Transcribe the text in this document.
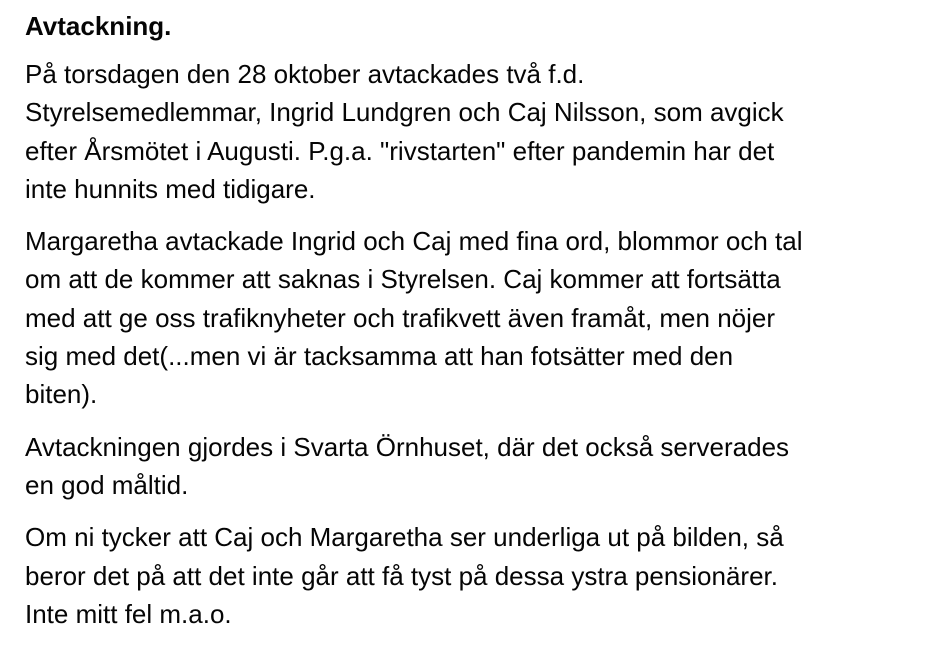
Avtackning.
På torsdagen den 28 oktober avtackades två f.d.
Styrelsemedlemmar, Ingrid Lundgren och Caj Nilsson, som avgick
efter Årsmötet i Augusti. P.g.a. "rivstarten" efter pandemin har det
inte hunnits med tidigare.
Margaretha avtackade Ingrid och Caj med fina ord, blommor och tal
om att de kommer att saknas i Styrelsen. Caj kommer att fortsätta
med att ge oss trafiknyheter och trafikvett även framåt, men nöjer
sig med det(...men vi är tacksamma att han fotsätter med den
biten).
Avtackningen gjordes i Svarta Örnhuset, där det också serverades
en god måltid.
Om ni tycker att Caj och Margaretha ser underliga ut på bilden, så
beror det på att det inte går att få tyst på dessa ystra pensionärer.
Inte mitt fel m.a.o.
